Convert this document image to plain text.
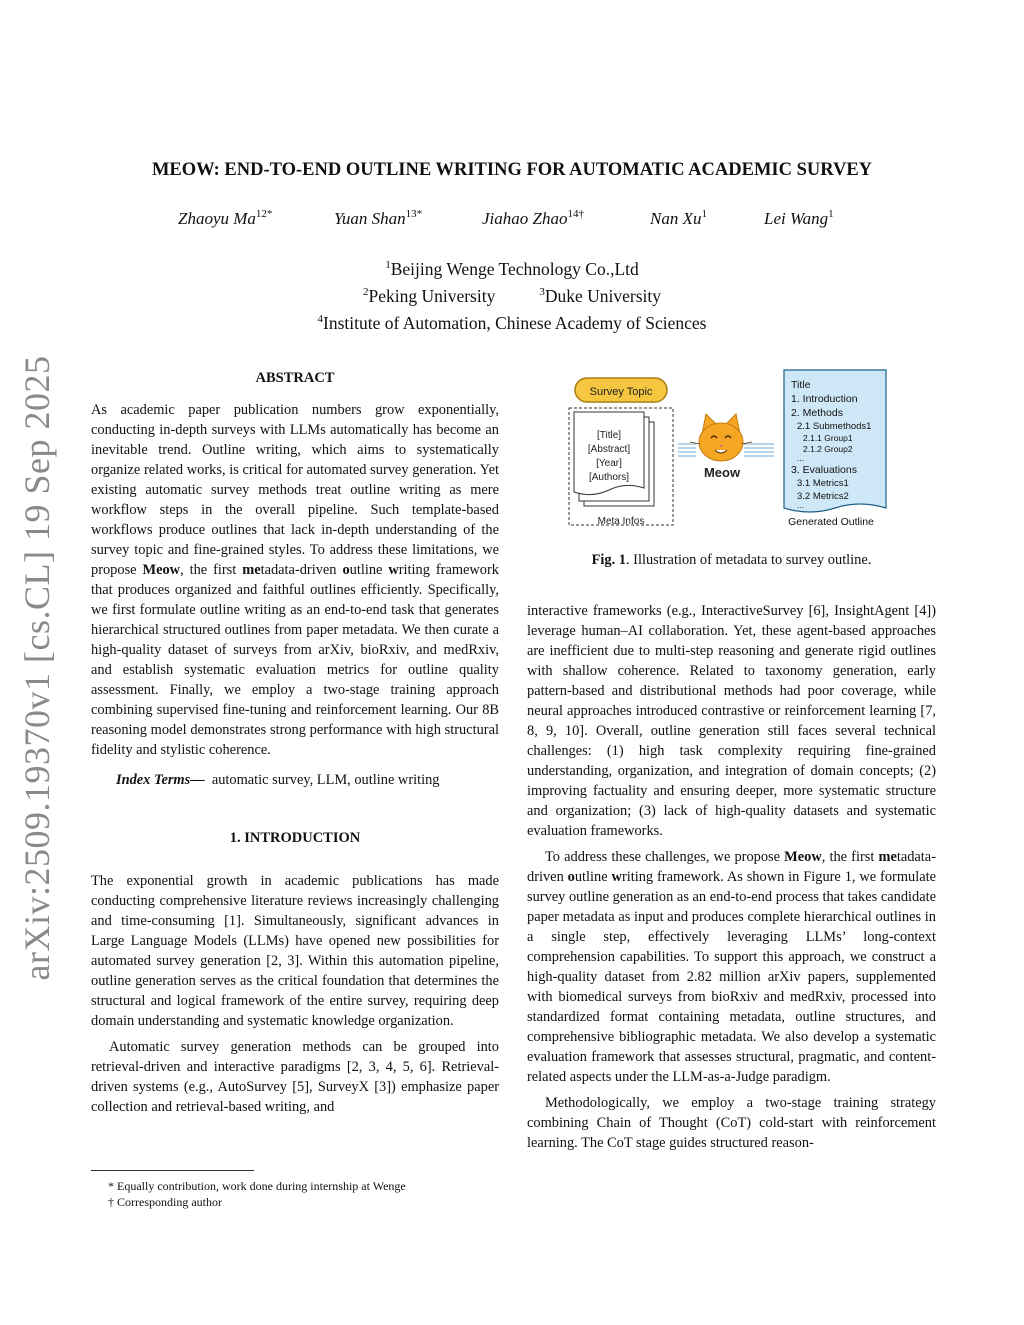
arXiv:2509.19370v1 [cs.CL] 19 Sep 2025
MEOW: END-TO-END OUTLINE WRITING FOR AUTOMATIC ACADEMIC SURVEY
Zhaoyu $Ma^{12*}$	Yuan Shan$^{13*}$	Jiahao Zhao$^{14\dagger}$	Nan Xu$^1$	Lei Wang$^1$
$^1$Beijing Wenge Technology Co.,Ltd
$^2$Peking University	$^3$Duke University
$^4$Institute of Automation, Chinese Academy of Sciences

ABSTRACT

As academic paper publication numbers grow exponentially, conducting in-depth surveys with LLMs automatically has become an inevitable trend. Outline writing, which aims to systematically organize related works, is critical for automated survey generation. Yet existing automatic survey methods treat outline writing as mere workflow steps in the overall pipeline. Such template-based workflows produce outlines that lack in-depth understanding of the survey topic and fine-grained styles. To address these limitations, we propose Meow, the first metadata-driven outline writing framework that produces organized and faithful outlines efficiently. Specifically, we first formulate outline writing as an end-to-end task that generates hierarchical structured outlines from paper metadata. We then curate a high-quality dataset of surveys from arXiv, bioRxiv, and medRxiv, and establish systematic evaluation metrics for outline quality assessment. Finally, we employ a two-stage training approach combining supervised fine-tuning and reinforcement learning. Our 8B reasoning model demonstrates strong performance with high structural fidelity and stylistic coherence.

Index Terms— automatic survey, LLM, outline writing

1. INTRODUCTION

The exponential growth in academic publications has made conducting comprehensive literature reviews increasingly challenging and time-consuming [1]. Simultaneously, significant advances in Large Language Models (LLMs) have opened new possibilities for automated survey generation [2, 3]. Within this automation pipeline, outline generation serves as the critical foundation that determines the structural and logical framework of the entire survey, requiring deep domain understanding and systematic knowledge organization.

Automatic survey generation methods can be grouped into retrieval-driven and interactive paradigms [2, 3, 4, 5, 6]. Retrieval-driven systems (e.g., AutoSurvey [5], SurveyX [3]) emphasize paper collection and retrieval-based writing, and

* Equally contribution, work done during internship at Wenge

† Corresponding author

Survey Topic
[Title]
[Abstract]
[Year]
[Authors]
Meta Infos
Meow
Title
1. Introduction
2. Methods
2.1 Submethods1
2.1.1 Group1
2.1.2 Group2
...
3. Evaluations
3.1 Metrics1
3.2 Metrics2
...
Generated Outline
Fig. 1. Illustration of metadata to survey outline.

interactive frameworks (e.g., InteractiveSurvey [6], InsightAgent [4]) leverage human–AI collaboration. Yet, these agent-based approaches are inefficient due to multi-step reasoning and generate rigid outlines with shallow coherence. Related to taxonomy generation, early pattern-based and distributional methods had poor coverage, while neural approaches introduced contrastive or reinforcement learning [7, 8, 9, 10]. Overall, outline generation still faces several technical challenges: (1) high task complexity requiring fine-grained understanding, organization, and integration of domain concepts; (2) improving factuality and ensuring deeper, more systematic structure and organization; (3) lack of high-quality datasets and systematic evaluation frameworks.

To address these challenges, we propose Meow, the first metadata-driven outline writing framework. As shown in Figure 1, we formulate survey outline generation as an end-to-end process that takes candidate paper metadata as input and produces complete hierarchical outlines in a single step, effectively leveraging LLMs’ long-context comprehension capabilities. To support this approach, we construct a high-quality dataset from 2.82 million arXiv papers, supplemented with biomedical surveys from bioRxiv and medRxiv, processed into standardized format containing metadata, outline structures, and comprehensive bibliographic metadata. We also develop a systematic evaluation framework that assesses structural, pragmatic, and content-related aspects under the LLM-as-a-Judge paradigm.

Methodologically, we employ a two-stage training strategy combining Chain of Thought (CoT) cold-start with reinforcement learning. The CoT stage guides structured reason-
